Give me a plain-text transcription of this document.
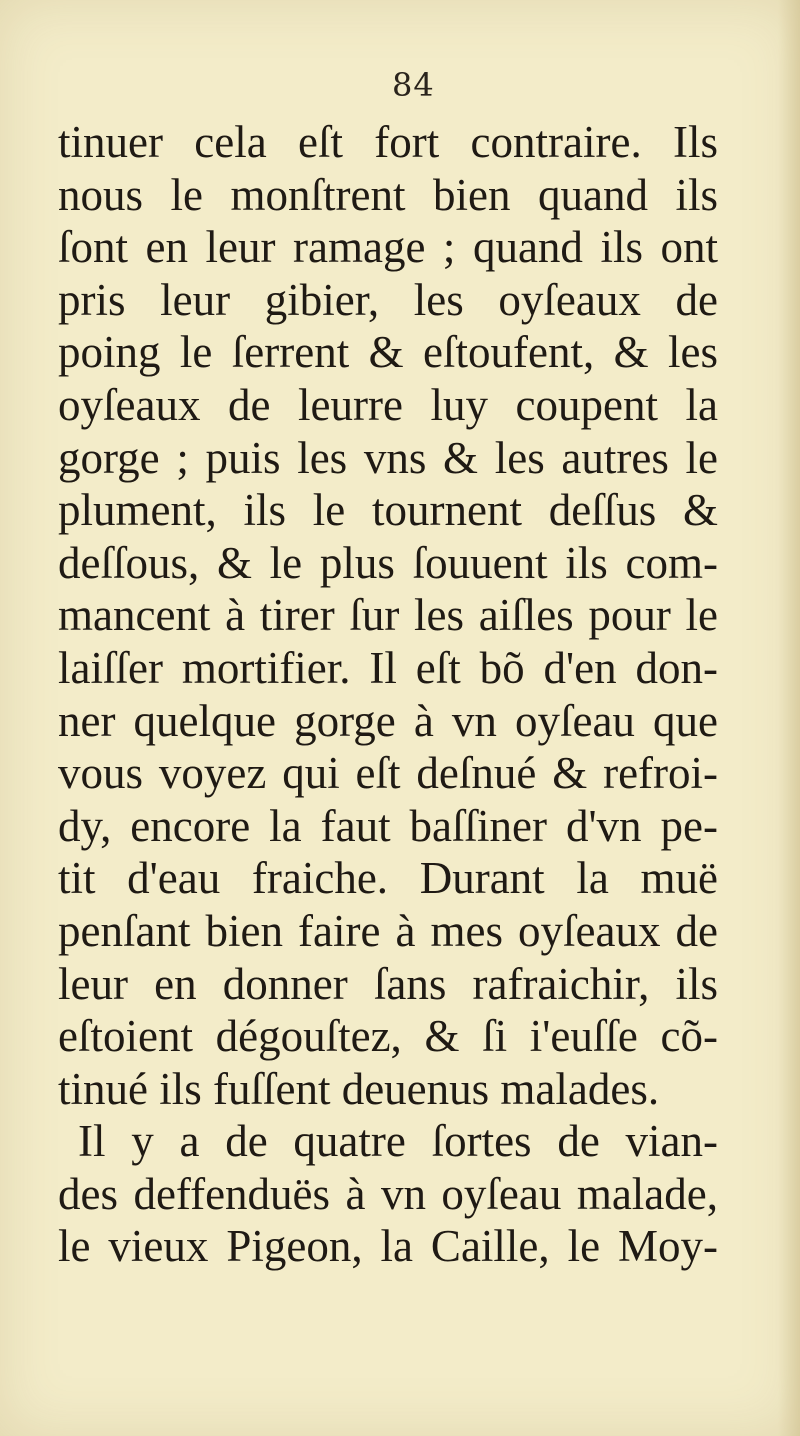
84
tinuer cela eſt fort contraire. Ils
nous le monſtrent bien quand ils
ſont en leur ramage ; quand ils ont
pris leur gibier, les oyſeaux de
poing le ſerrent & eſtoufent, & les
oyſeaux de leurre luy coupent la
gorge ; puis les vns & les autres le
plument, ils le tournent deſſus &
deſſous, & le plus ſouuent ils com-
mancent à tirer ſur les aiſles pour le
laiſſer mortifier. Il eſt bõ d'en don-
ner quelque gorge à vn oyſeau que
vous voyez qui eſt deſnué & refroi-
dy, encore la faut baſſiner d'vn pe-
tit d'eau fraiche. Durant la muë
penſant bien faire à mes oyſeaux de
leur en donner ſans rafraichir, ils
eſtoient dégouſtez, & ſi i'euſſe cõ-
tinué ils fuſſent deuenus malades.
Il y a de quatre ſortes de vian-
des deffenduës à vn oyſeau malade,
le vieux Pigeon, la Caille, le Moy-
